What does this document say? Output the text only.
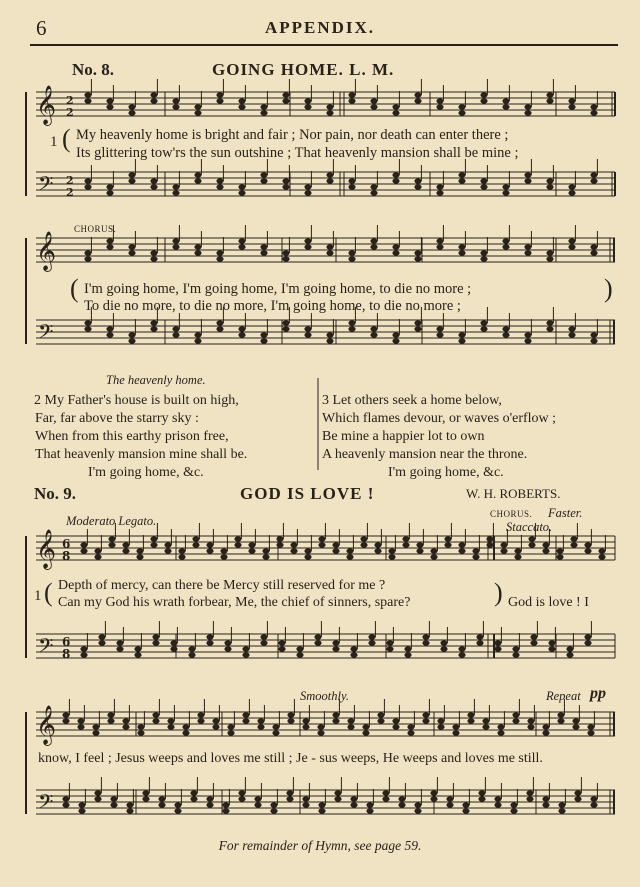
6	APPENDIX.
No. 8.	GOING HOME. L. M.
𝄞
𝄢
𝄞
𝄢
𝄞
𝄢
𝄞
𝄢
2
2
2
2
6
8
6
8
1 ( My heavenly home is bright and fair ; Nor pain, nor death can enter there ;
Its glittering tow'rs the sun outshine ; That heavenly mansion shall be mine ;
CHORUS.
( I'm going home, I'm going home, I'm going home, to die no more ;
To die no more, to die no more, I'm going home, to die no more ;
)
The heavenly home.
2 My Father's house is built on high,
Far, far above the starry sky :
When from this earthy prison free,
That heavenly mansion mine shall be.
I'm going home, &c.
3 Let others seek a home below,
Which flames devour, or waves o'erflow ;
Be mine a happier lot to own
A heavenly mansion near the throne.
I'm going home, &c.
No. 9.	GOD IS LOVE !	W. H. ROBERTS.
Moderato Legato.	CHORUS. Faster.
Staccato.
1 ( Depth of mercy, can there be Mercy still reserved for me ?
Can my God his wrath forbear, Me, the chief of sinners, spare?	) God is love ! I
Smoothly.	Repeat pp
know, I feel ; Jesus weeps and loves me still ; Je - sus weeps, He weeps and loves me still.
For remainder of Hymn, see page 59.
